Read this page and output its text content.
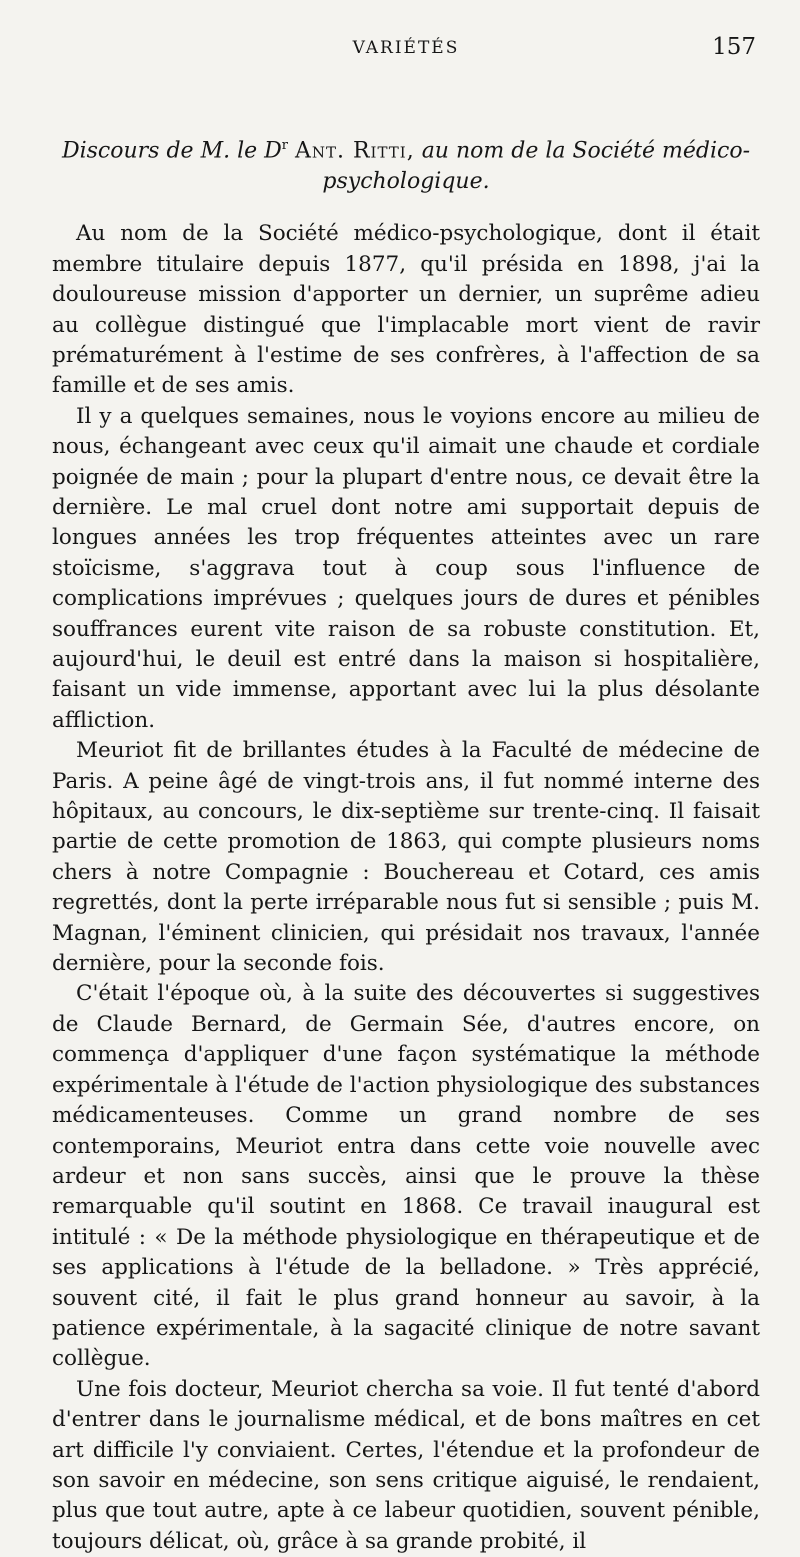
VARIÉTÉS	157
Discours de M. le $D^r$ Ant. Ritti, au nom de la Société médico-psychologique.

Au nom de la Société médico-psychologique, dont il était membre titulaire depuis 1877, qu'il présida en 1898, j'ai la douloureuse mission d'apporter un dernier, un suprême adieu au collègue distingué que l'implacable mort vient de ravir prématurément à l'estime de ses confrères, à l'affection de sa famille et de ses amis.

Il y a quelques semaines, nous le voyions encore au milieu de nous, échangeant avec ceux qu'il aimait une chaude et cordiale poignée de main ; pour la plupart d'entre nous, ce devait être la dernière. Le mal cruel dont notre ami supportait depuis de longues années les trop fréquentes atteintes avec un rare stoïcisme, s'aggrava tout à coup sous l'influence de complications imprévues ; quelques jours de dures et pénibles souffrances eurent vite raison de sa robuste constitution. Et, aujourd'hui, le deuil est entré dans la maison si hospitalière, faisant un vide immense, apportant avec lui la plus désolante affliction.

Meuriot fit de brillantes études à la Faculté de médecine de Paris. A peine âgé de vingt-trois ans, il fut nommé interne des hôpitaux, au concours, le dix-septième sur trente-cinq. Il faisait partie de cette promotion de 1863, qui compte plusieurs noms chers à notre Compagnie : Bouchereau et Cotard, ces amis regrettés, dont la perte irréparable nous fut si sensible ; puis M. Magnan, l'éminent clinicien, qui présidait nos travaux, l'année dernière, pour la seconde fois.

C'était l'époque où, à la suite des découvertes si suggestives de Claude Bernard, de Germain Sée, d'autres encore, on commença d'appliquer d'une façon systématique la méthode expérimentale à l'étude de l'action physiologique des substances médicamenteuses. Comme un grand nombre de ses contemporains, Meuriot entra dans cette voie nouvelle avec ardeur et non sans succès, ainsi que le prouve la thèse remarquable qu'il soutint en 1868. Ce travail inaugural est intitulé : « De la méthode physiologique en thérapeutique et de ses applications à l'étude de la belladone. » Très apprécié, souvent cité, il fait le plus grand honneur au savoir, à la patience expérimentale, à la sagacité clinique de notre savant collègue.

Une fois docteur, Meuriot chercha sa voie. Il fut tenté d'abord d'entrer dans le journalisme médical, et de bons maîtres en cet art difficile l'y conviaient. Certes, l'étendue et la profondeur de son savoir en médecine, son sens critique aiguisé, le rendaient, plus que tout autre, apte à ce labeur quotidien, souvent pénible, toujours délicat, où, grâce à sa grande probité, il
